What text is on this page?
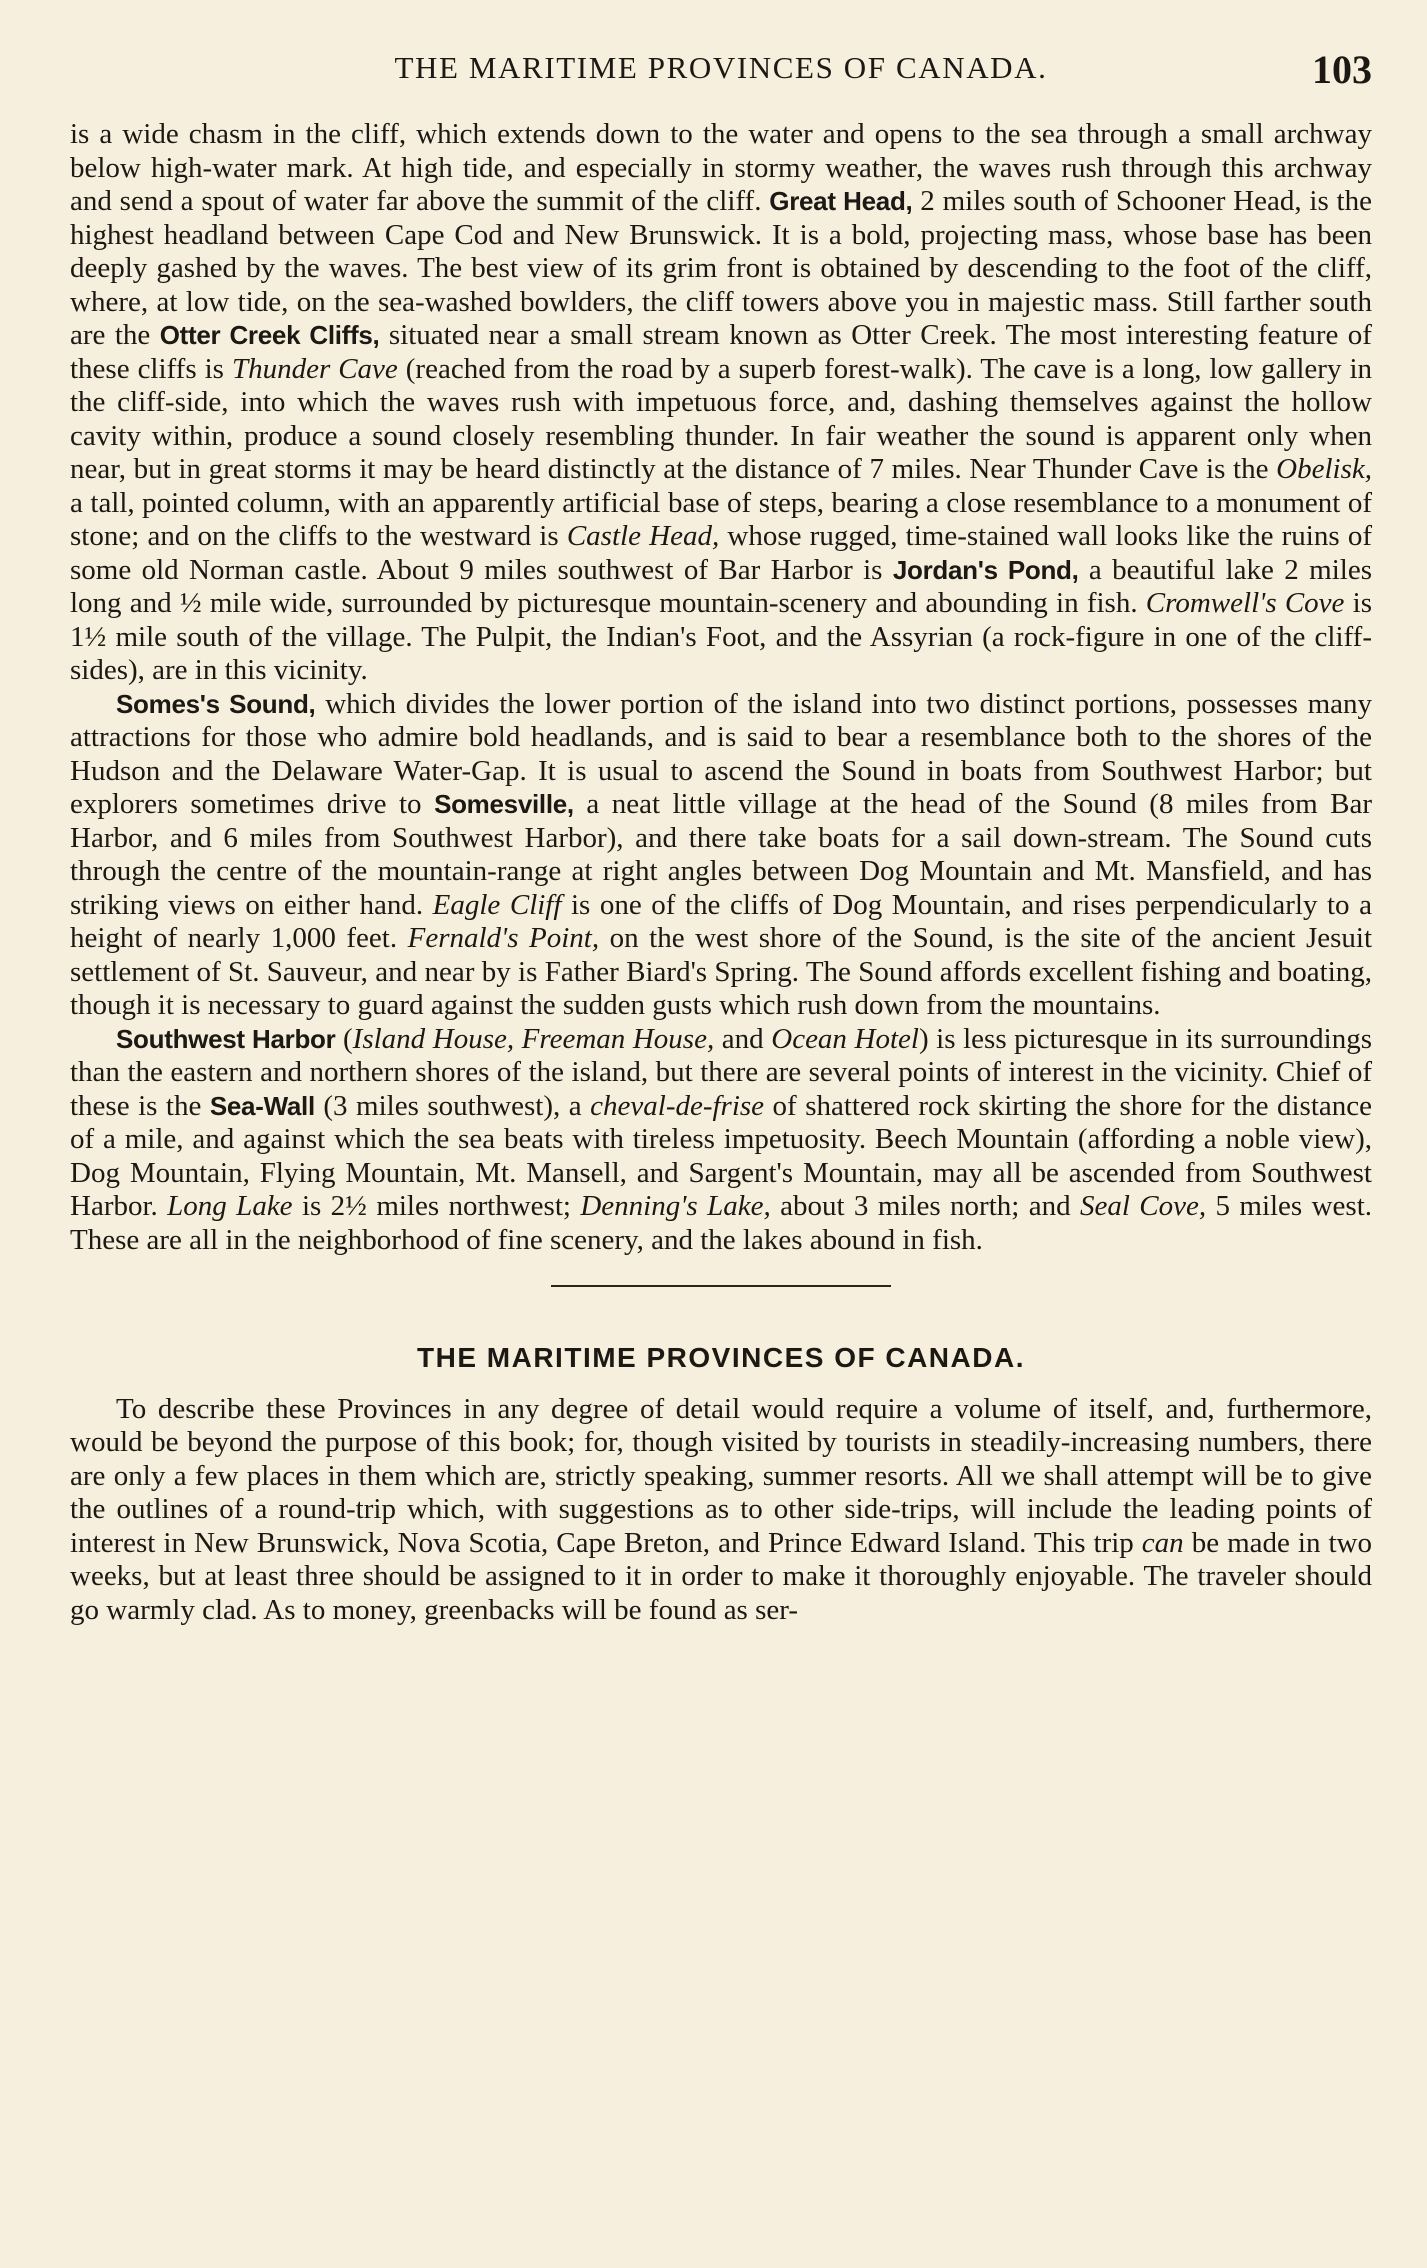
THE MARITIME PROVINCES OF CANADA.	103

is a wide chasm in the cliff, which extends down to the water and opens to the sea through a small archway below high-water mark. At high tide, and especially in stormy weather, the waves rush through this archway and send a spout of water far above the summit of the cliff. Great Head, 2 miles south of Schooner Head, is the highest headland between Cape Cod and New Brunswick. It is a bold, projecting mass, whose base has been deeply gashed by the waves. The best view of its grim front is obtained by descending to the foot of the cliff, where, at low tide, on the sea-washed bowlders, the cliff towers above you in majestic mass. Still farther south are the Otter Creek Cliffs, situated near a small stream known as Otter Creek. The most interesting feature of these cliffs is Thunder Cave (reached from the road by a superb forest-walk). The cave is a long, low gallery in the cliff-side, into which the waves rush with impetuous force, and, dashing themselves against the hollow cavity within, produce a sound closely resembling thunder. In fair weather the sound is apparent only when near, but in great storms it may be heard distinctly at the distance of 7 miles. Near Thunder Cave is the Obelisk, a tall, pointed column, with an apparently artificial base of steps, bearing a close resemblance to a monument of stone; and on the cliffs to the westward is Castle Head, whose rugged, time-stained wall looks like the ruins of some old Norman castle. About 9 miles southwest of Bar Harbor is Jordan's Pond, a beautiful lake 2 miles long and ½ mile wide, surrounded by picturesque mountain-scenery and abounding in fish. Cromwell's Cove is 1½ mile south of the village. The Pulpit, the Indian's Foot, and the Assyrian (a rock-figure in one of the cliff-sides), are in this vicinity.

Somes's Sound, which divides the lower portion of the island into two distinct portions, possesses many attractions for those who admire bold headlands, and is said to bear a resemblance both to the shores of the Hudson and the Delaware Water-Gap. It is usual to ascend the Sound in boats from Southwest Harbor; but explorers sometimes drive to Somesville, a neat little village at the head of the Sound (8 miles from Bar Harbor, and 6 miles from Southwest Harbor), and there take boats for a sail down-stream. The Sound cuts through the centre of the mountain-range at right angles between Dog Mountain and Mt. Mansfield, and has striking views on either hand. Eagle Cliff is one of the cliffs of Dog Mountain, and rises perpendicularly to a height of nearly 1,000 feet. Fernald's Point, on the west shore of the Sound, is the site of the ancient Jesuit settlement of St. Sauveur, and near by is Father Biard's Spring. The Sound affords excellent fishing and boating, though it is necessary to guard against the sudden gusts which rush down from the mountains.

Southwest Harbor (Island House, Freeman House, and Ocean Hotel) is less picturesque in its surroundings than the eastern and northern shores of the island, but there are several points of interest in the vicinity. Chief of these is the Sea-Wall (3 miles southwest), a cheval-de-frise of shattered rock skirting the shore for the distance of a mile, and against which the sea beats with tireless impetuosity. Beech Mountain (affording a noble view), Dog Mountain, Flying Mountain, Mt. Mansell, and Sargent's Mountain, may all be ascended from Southwest Harbor. Long Lake is 2½ miles northwest; Denning's Lake, about 3 miles north; and Seal Cove, 5 miles west. These are all in the neighborhood of fine scenery, and the lakes abound in fish.

THE MARITIME PROVINCES OF CANADA.

To describe these Provinces in any degree of detail would require a volume of itself, and, furthermore, would be beyond the purpose of this book; for, though visited by tourists in steadily-increasing numbers, there are only a few places in them which are, strictly speaking, summer resorts. All we shall attempt will be to give the outlines of a round-trip which, with suggestions as to other side-trips, will include the leading points of interest in New Brunswick, Nova Scotia, Cape Breton, and Prince Edward Island. This trip can be made in two weeks, but at least three should be assigned to it in order to make it thoroughly enjoyable. The traveler should go warmly clad. As to money, greenbacks will be found as ser-
